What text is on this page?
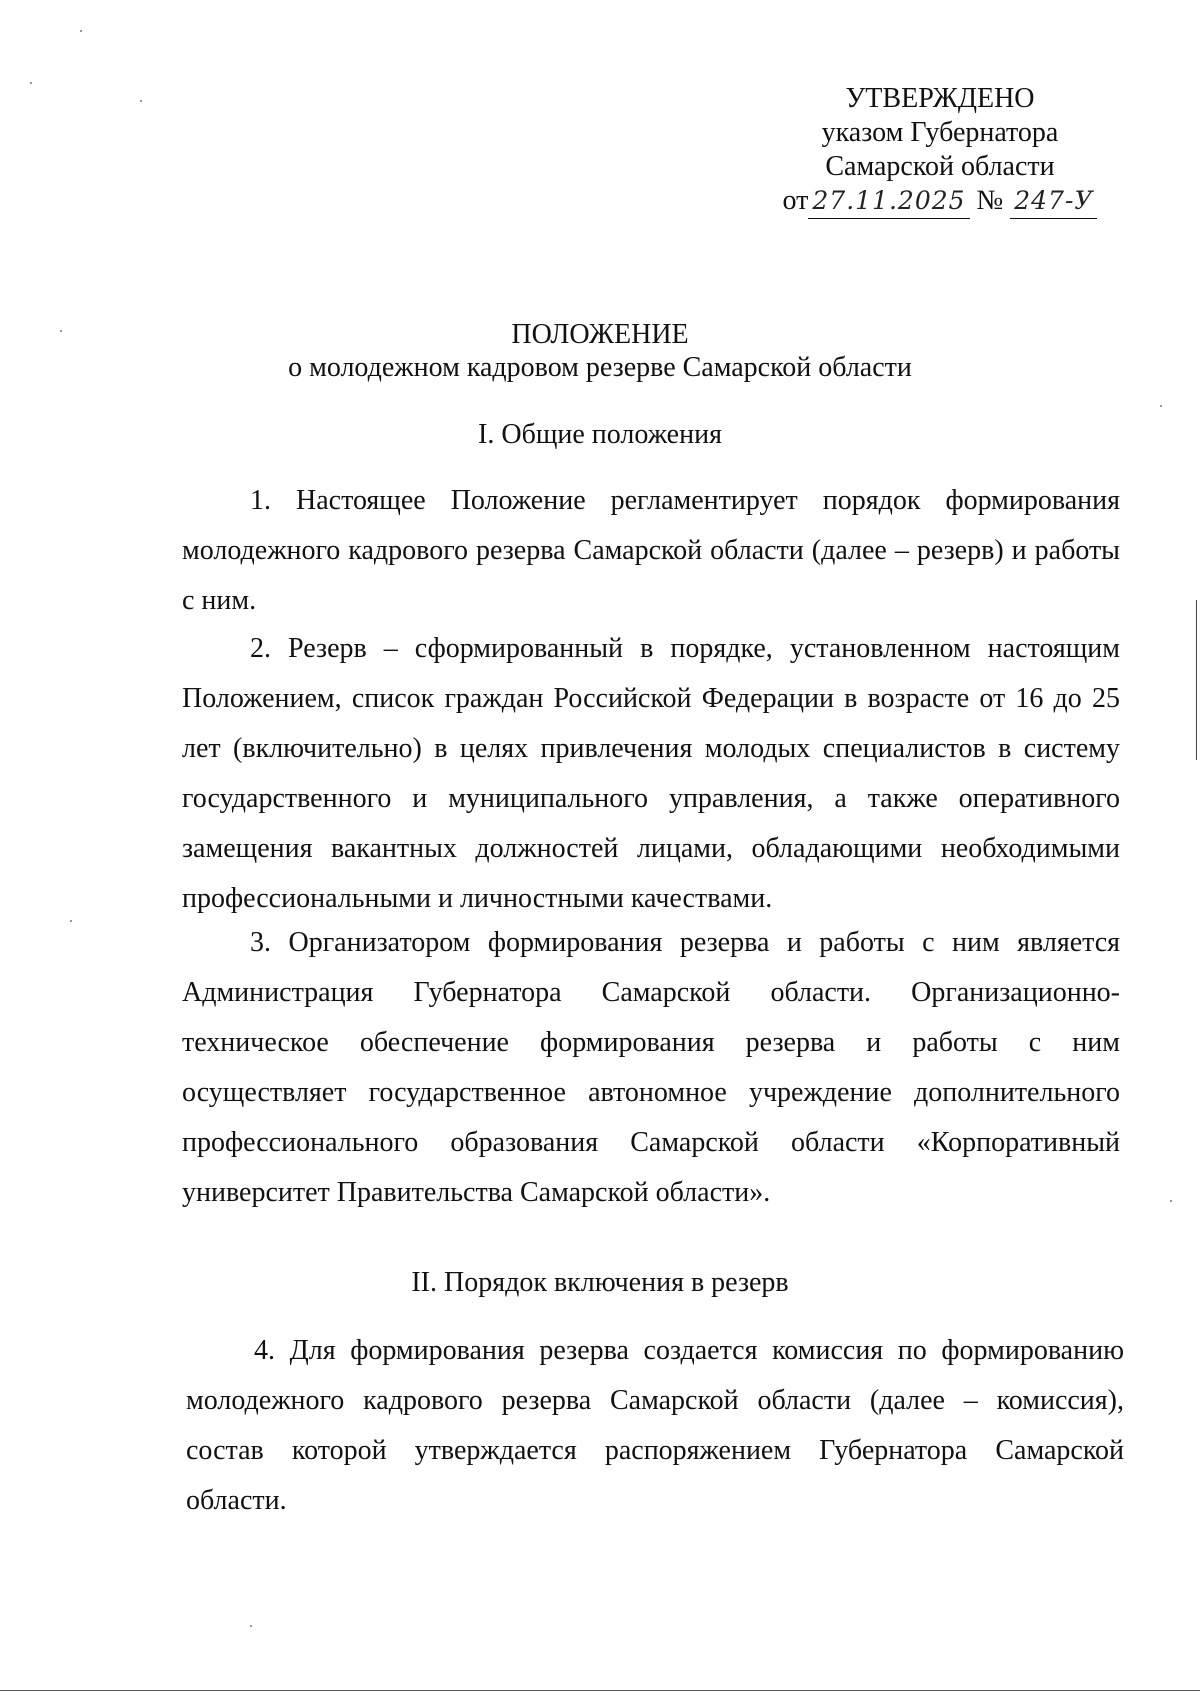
УТВЕРЖДЕНО
указом Губернатора
Самарской области
от 27.11.2025 № 247-У
ПОЛОЖЕНИЕ
о молодежном кадровом резерве Самарской области
I. Общие положения

1. Настоящее Положение регламентирует порядок формирования молодежного кадрового резерва Самарской области (далее – резерв) и работы с ним.

2. Резерв – сформированный в порядке, установленном настоящим Положением, список граждан Российской Федерации в возрасте от 16 до 25 лет (включительно) в целях привлечения молодых специалистов в систему государственного и муниципального управления, а также оперативного замещения вакантных должностей лицами, обладающими необходимыми профессиональными и личностными качествами.

3. Организатором формирования резерва и работы с ним является Администрация Губернатора Самарской области. Организационно-техническое обеспечение формирования резерва и работы с ним осуществляет государственное автономное учреждение дополнительного профессионального образования Самарской области «Корпоративный университет Правительства Самарской области».

II. Порядок включения в резерв

4. Для формирования резерва создается комиссия по формированию молодежного кадрового резерва Самарской области (далее – комиссия), состав которой утверждается распоряжением Губернатора Самарской области.
